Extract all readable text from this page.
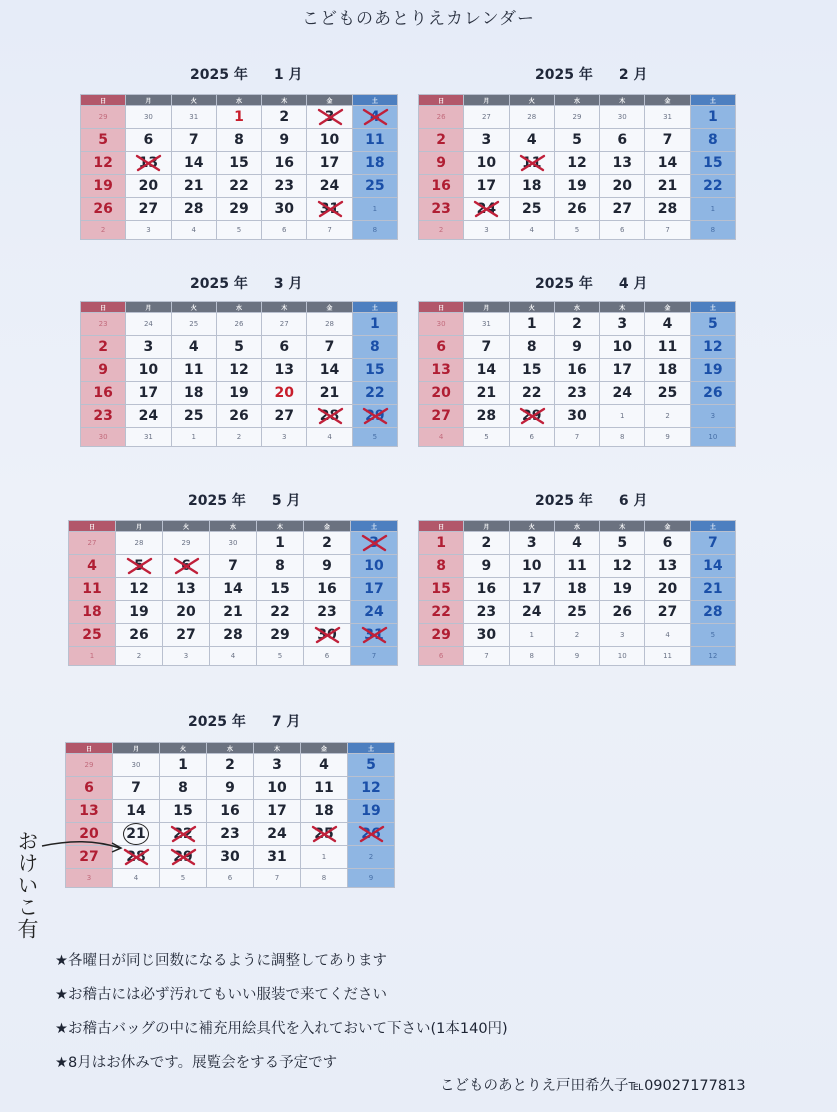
こどものあとりえカレンダー
2025 年 1 月
日	月	火	水	木	金	土
29	30	31	1	2	3	4

5	6	7	8	9	10	11
12	13	14	15	16	17	18
19	20	21	22	23	24	25
26	27	28	29	30	31	1
2	3	4	5	6	7	8
2025 年 2 月
日	月	火	水	木	金	土
26	27	28	29	30	31	1
2	3	4	5	6	7	8
9	10	11	12	13	14	15
16	17	18	19	20	21	22
23	24	25	26	27	28	1
2	3	4	5	6	7	8
2025 年 3 月
日	月	火	水	木	金	土
23	24	25	26	27	28	1
2	3	4	5	6	7	8
9	10	11	12	13	14	15
16	17	18	19	20	21	22
23	24	25	26	27	28	29

30	31	1	2	3	4	5
2025 年 4 月
日	月	火	水	木	金	土
30	31	1	2	3	4	5
6	7	8	9	10	11	12
13	14	15	16	17	18	19
20	21	22	23	24	25	26
27	28	29	30	1	2	3
4	5	6	7	8	9	10
2025 年 5 月
日	月	火	水	木	金	土
27	28	29	30	1	2	3

4	5	6	7	8	9	10
11	12	13	14	15	16	17
18	19	20	21	22	23	24
25	26	27	28	29	30	31

1	2	3	4	5	6	7
2025 年 6 月
日	月	火	水	木	金	土
1	2	3	4	5	6	7
8	9	10	11	12	13	14
15	16	17	18	19	20	21
22	23	24	25	26	27	28
29	30	1	2	3	4	5
6	7	8	9	10	11	12
2025 年 7 月
日	月	火	水	木	金	土
29	30	1	2	3	4	5
6	7	8	9	10	11	12
13	14	15	16	17	18	19
20	21	22	23	24	25	26

27	28	29	30	31	1	2
3	4	5	6	7	8	9
おけいこ有
★各曜日が同じ回数になるように調整してあります
★お稽古には必ず汚れてもいい服装で来てください
★お稽古バッグの中に補充用絵具代を入れておいて下さい(1本140円)
★8月はお休みです。展覧会をする予定です
こどものあとりえ戸田希久子℡09027177813
